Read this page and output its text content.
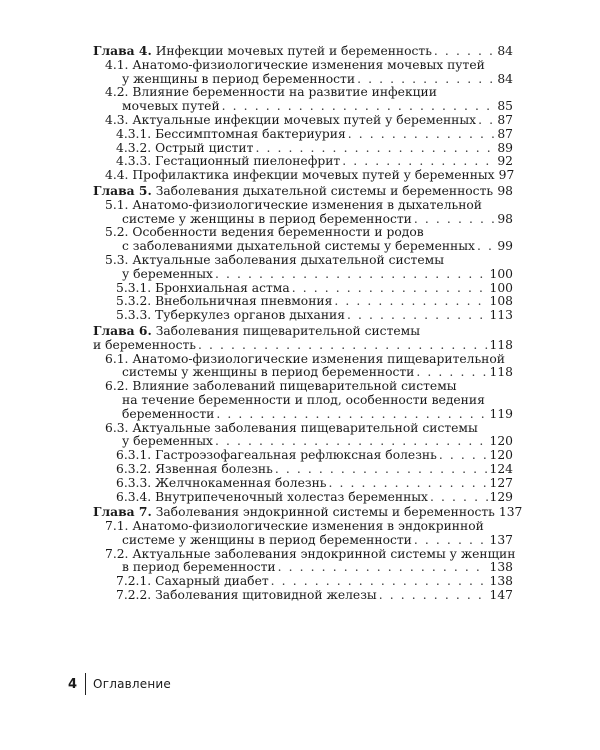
Глава 4. Инфекции мочевых путей и беременность . . .	84
4.1. Анатомо-физиологические изменения мочевых путей
у женщины в период беременности . . .	84
4.2. Влияние беременности на развитие инфекции
мочевых путей . . .	85
4.3. Актуальные инфекции мочевых путей у беременных . . . 87
4.3.1. Бессимптомная бактериурия . . .	87
4.3.2. Острый цистит . . .	89
4.3.3. Гестационный пиелонефрит . . .	92
4.4. Профилактика инфекции мочевых путей у беременных 97
Глава 5. Заболевания дыхательной системы и беременность . . . 98
5.1. Анатомо-физиологические изменения в дыхательной
системе у женщины в период беременности . . .	98
5.2. Особенности ведения беременности и родов
с заболеваниями дыхательной системы у беременных . . . 99
5.3. Актуальные заболевания дыхательной системы
у беременных . . .	100
5.3.1. Бронхиальная астма . . .	100
5.3.2. Внебольничная пневмония . . .	108
5.3.3. Туберкулез органов дыхания . . .	113
Глава 6. Заболевания пищеварительной системы
и беременность . . .	118
6.1. Анатомо-физиологические изменения пищеварительной
системы у женщины в период беременности . . .	118
6.2. Влияние заболеваний пищеварительной системы
на течение беременности и плод, особенности ведения
беременности . . .	119
6.3. Актуальные заболевания пищеварительной системы
у беременных . . .	120
6.3.1. Гастроэзофагеальная рефлюксная болезнь . . .	120
6.3.2. Язвенная болезнь . . .	124
6.3.3. Желчнокаменная болезнь . . .	127
6.3.4. Внутрипеченочный холестаз беременных . . .	129
Глава 7. Заболевания эндокринной системы и беременность 137
7.1. Анатомо-физиологические изменения в эндокринной
системе у женщины в период беременности . . .	137
7.2. Актуальные заболевания эндокринной системы у женщин
в период беременности . . .	138
7.2.1. Сахарный диабет . . .	138
7.2.2. Заболевания щитовидной железы . . .	147
4 Оглавление
